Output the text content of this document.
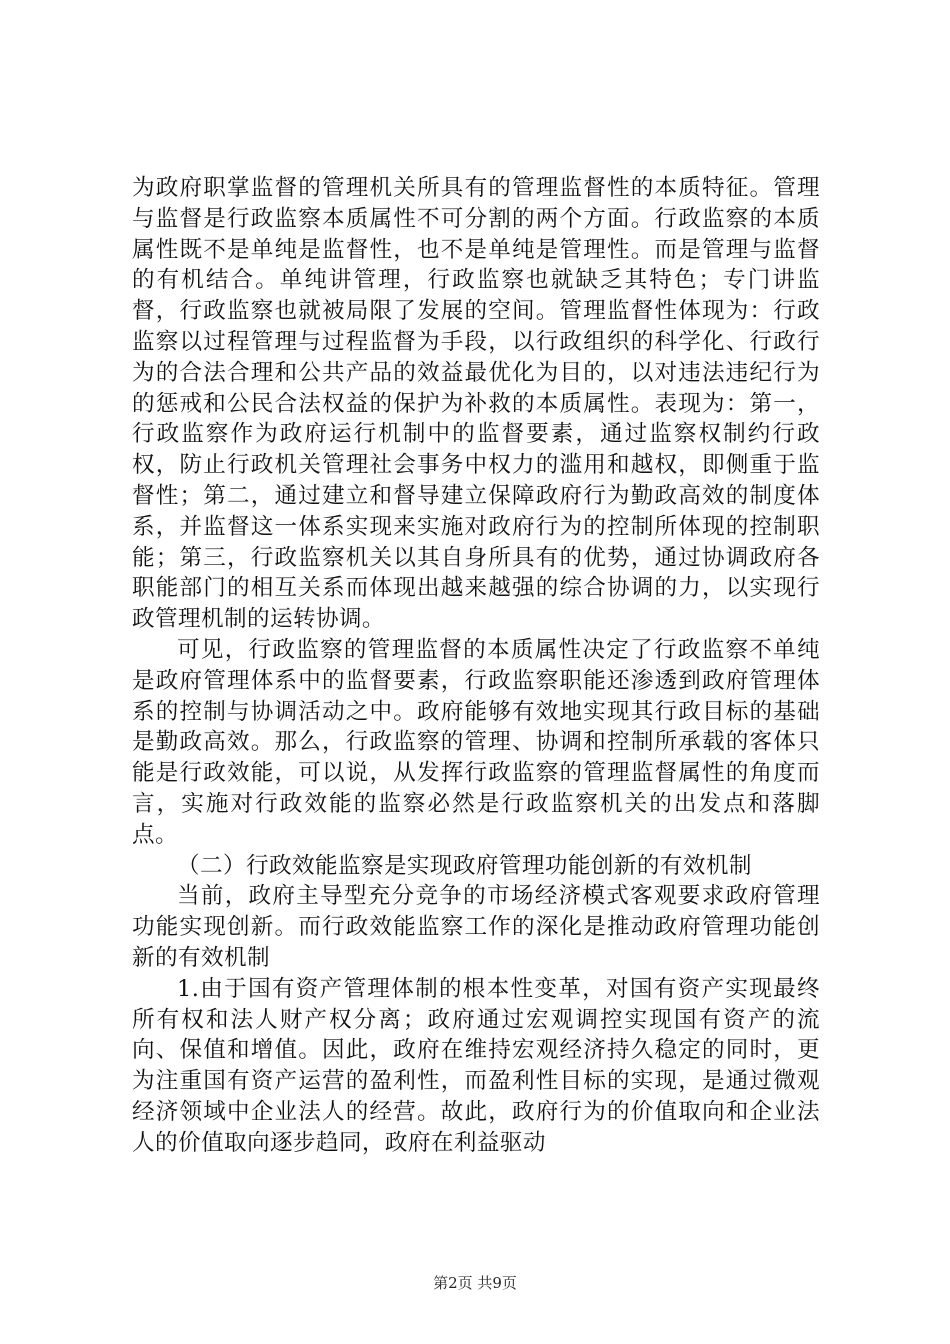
为政府职掌监督的管理机关所具有的管理监督性的本质特征。管理与监督是行政监察本质属性不可分割的两个方面。行政监察的本质属性既不是单纯是监督性，也不是单纯是管理性。而是管理与监督的有机结合。单纯讲管理，行政监察也就缺乏其特色；专门讲监督，行政监察也就被局限了发展的空间。管理监督性体现为：行政监察以过程管理与过程监督为手段，以行政组织的科学化、行政行为的合法合理和公共产品的效益最优化为目的，以对违法违纪行为的惩戒和公民合法权益的保护为补救的本质属性。表现为：第一，行政监察作为政府运行机制中的监督要素，通过监察权制约行政权，防止行政机关管理社会事务中权力的滥用和越权，即侧重于监督性；第二，通过建立和督导建立保障政府行为勤政高效的制度体系，并监督这一体系实现来实施对政府行为的控制所体现的控制职能；第三，行政监察机关以其自身所具有的优势，通过协调政府各职能部门的相互关系而体现出越来越强的综合协调的力，以实现行政管理机制的运转协调。

可见，行政监察的管理监督的本质属性决定了行政监察不单纯是政府管理体系中的监督要素，行政监察职能还渗透到政府管理体系的控制与协调活动之中。政府能够有效地实现其行政目标的基础是勤政高效。那么，行政监察的管理、协调和控制所承载的客体只能是行政效能，可以说，从发挥行政监察的管理监督属性的角度而言，实施对行政效能的监察必然是行政监察机关的出发点和落脚点。

（二）行政效能监察是实现政府管理功能创新的有效机制

当前，政府主导型充分竞争的市场经济模式客观要求政府管理功能实现创新。而行政效能监察工作的深化是推动政府管理功能创新的有效机制

1.由于国有资产管理体制的根本性变革，对国有资产实现最终所有权和法人财产权分离；政府通过宏观调控实现国有资产的流向、保值和增值。因此，政府在维持宏观经济持久稳定的同时，更为注重国有资产运营的盈利性，而盈利性目标的实现，是通过微观经济领域中企业法人的经营。故此，政府行为的价值取向和企业法人的价值取向逐步趋同，政府在利益驱动

第2页 共9页
